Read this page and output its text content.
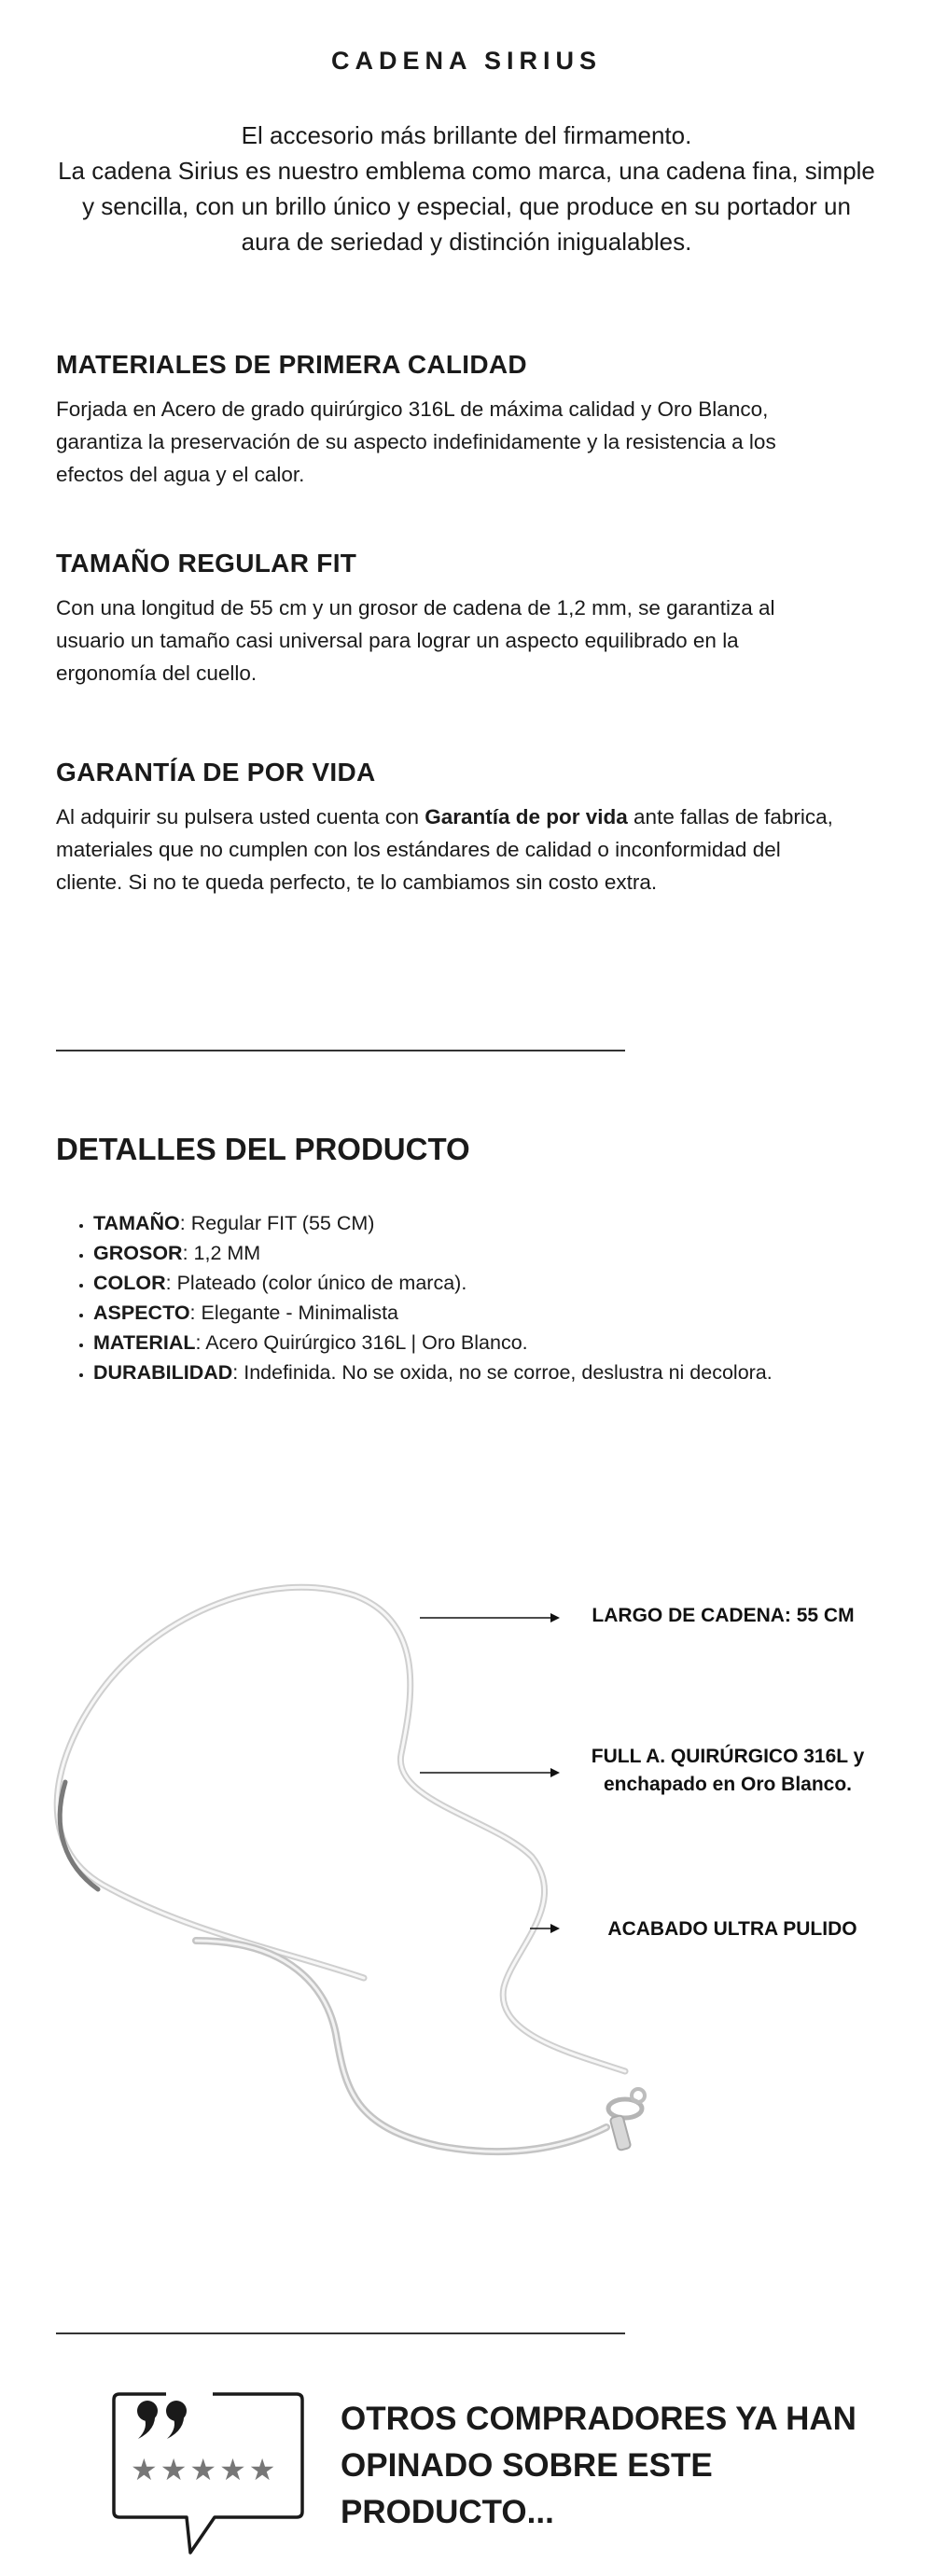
CADENA SIRIUS

El accesorio más brillante del firmamento.

La cadena Sirius es nuestro emblema como marca, una cadena fina, simple y sencilla, con un brillo único y especial, que produce en su portador un aura de seriedad y distinción inigualables.

MATERIALES DE PRIMERA CALIDAD
Forjada en Acero de grado quirúrgico 316L de máxima calidad y Oro Blanco, garantiza la preservación de su aspecto indefinidamente y la resistencia a los efectos del agua y el calor.
TAMAÑO REGULAR FIT
Con una longitud de 55 cm y un grosor de cadena de 1,2 mm, se garantiza al usuario un tamaño casi universal para lograr un aspecto equilibrado en la ergonomía del cuello.
GARANTÍA DE POR VIDA
Al adquirir su pulsera usted cuenta con Garantía de por vida ante fallas de fabrica, materiales que no cumplen con los estándares de calidad o inconformidad del cliente. Si no te queda perfecto, te lo cambiamos sin costo extra.
DETALLES DEL PRODUCTO
• TAMAÑO: Regular FIT (55 CM)
• GROSOR: 1,2 MM
• COLOR: Plateado (color único de marca).
• ASPECTO: Elegante - Minimalista
• MATERIAL: Acero Quirúrgico 316L | Oro Blanco.
• DURABILIDAD: Indefinida. No se oxida, no se corroe, deslustra ni decolora.
LARGO DE CADENA: 55 CM
FULL A. QUIRÚRGICO 316L y
enchapado en Oro Blanco.
ACABADO ULTRA PULIDO
★★★★★
OTROS COMPRADORES YA HAN OPINADO SOBRE ESTE PRODUCTO...
